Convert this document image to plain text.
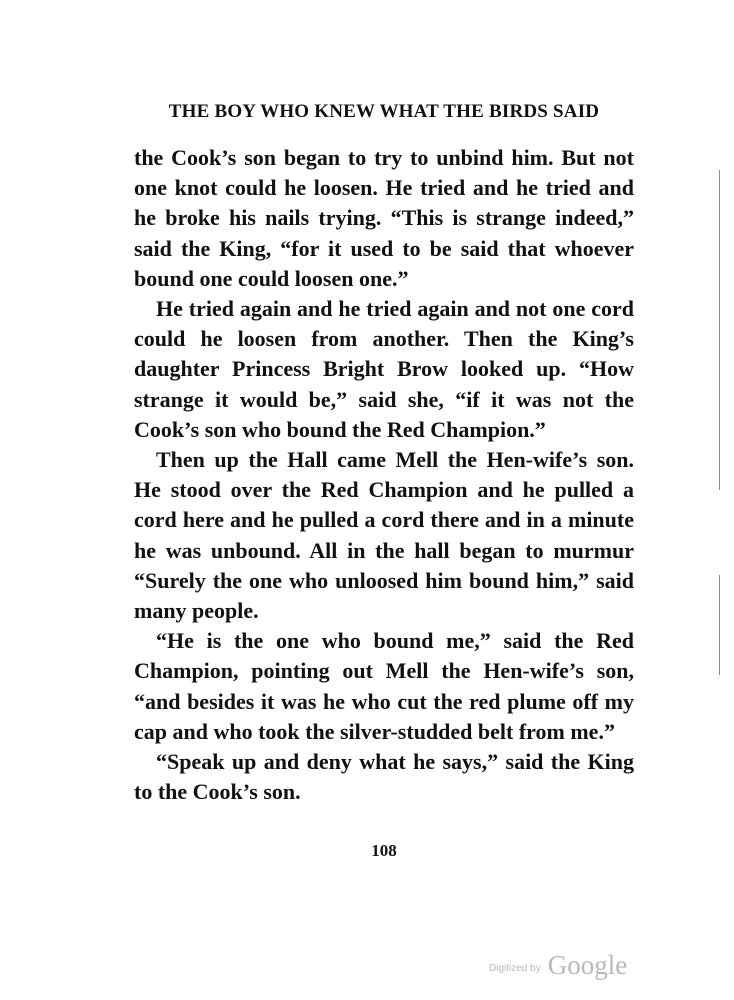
THE BOY WHO KNEW WHAT THE BIRDS SAID

the Cook’s son began to try to unbind him. But not one knot could he loosen. He tried and he tried and he broke his nails trying. “This is strange indeed,” said the King, “for it used to be said that whoever bound one could loosen one.”

He tried again and he tried again and not one cord could he loosen from another. Then the King’s daughter Princess Bright Brow looked up. “How strange it would be,” said she, “if it was not the Cook’s son who bound the Red Champion.”

Then up the Hall came Mell the Hen-wife’s son. He stood over the Red Champion and he pulled a cord here and he pulled a cord there and in a minute he was unbound. All in the hall began to murmur “Surely the one who unloosed him bound him,” said many people.

“He is the one who bound me,” said the Red Champion, pointing out Mell the Hen-wife’s son, “and besides it was he who cut the red plume off my cap and who took the silver-studded belt from me.”

“Speak up and deny what he says,” said the King to the Cook’s son.

108
Digitized by Google
